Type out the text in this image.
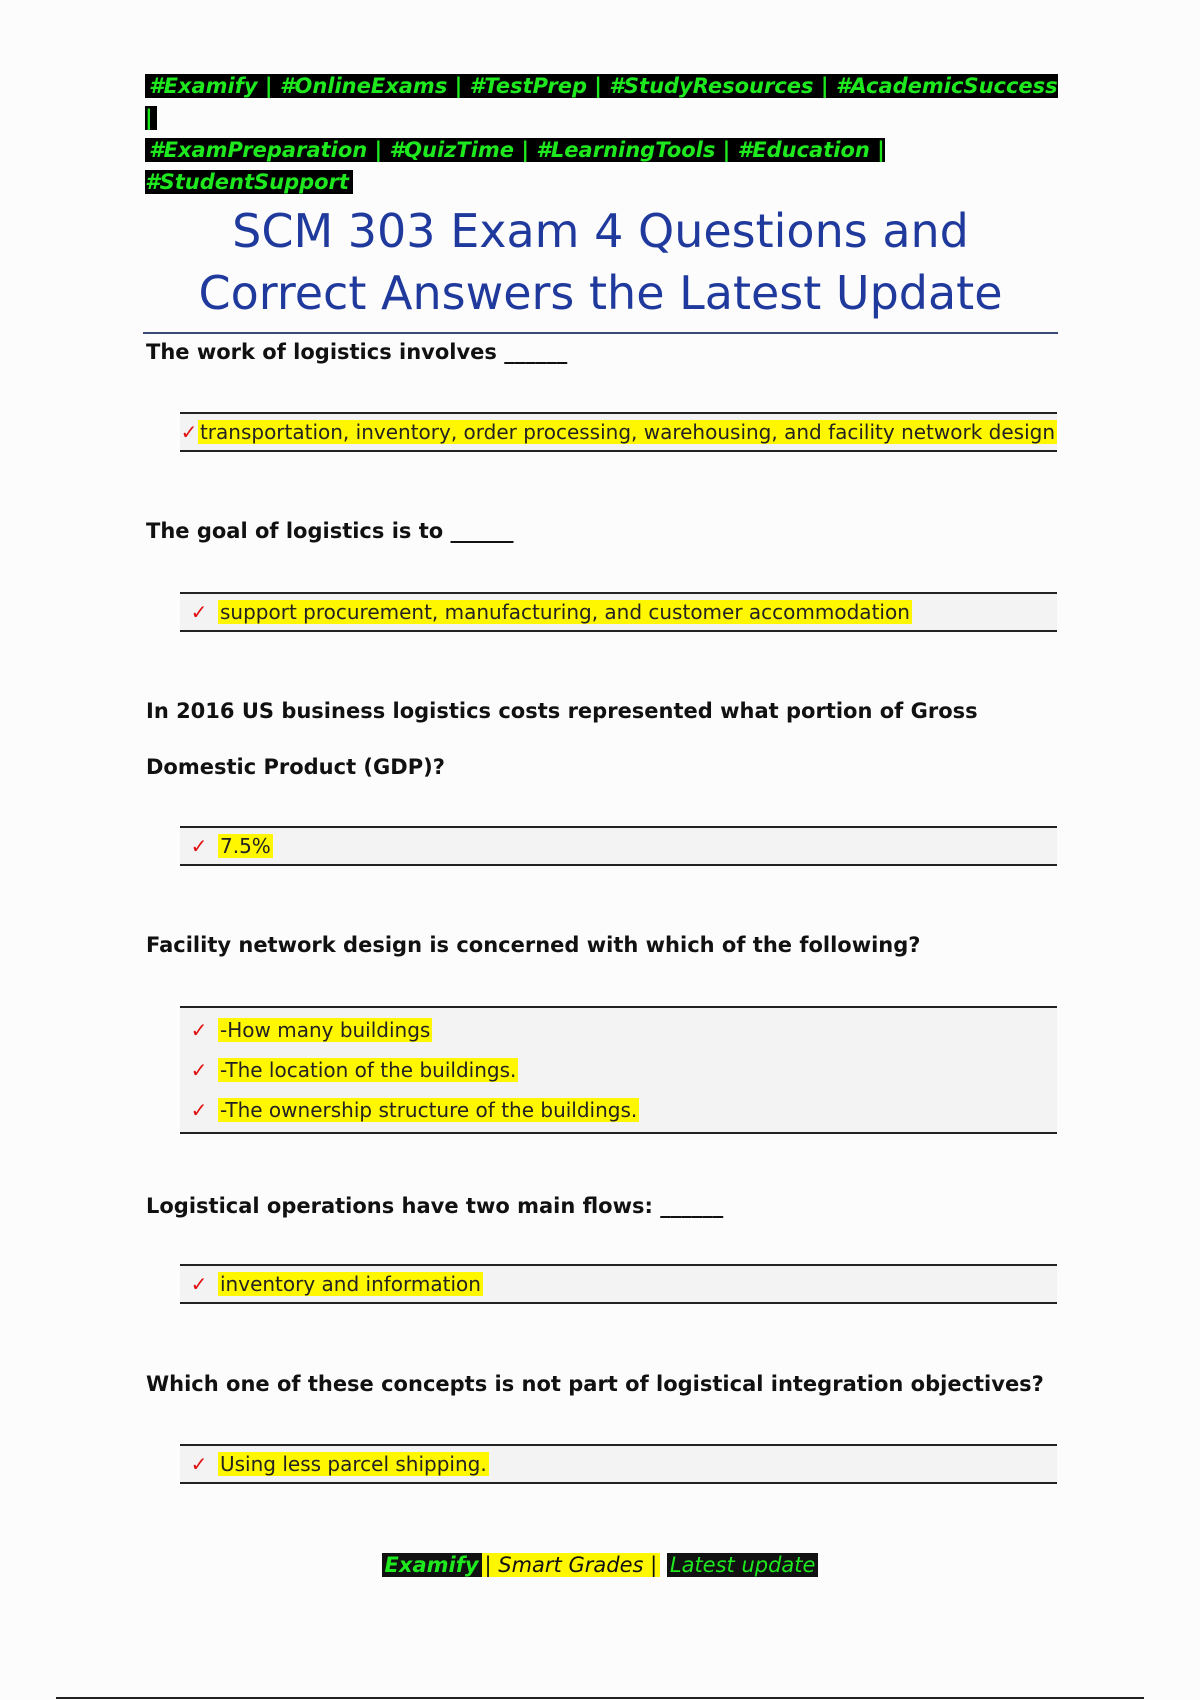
#Examify | #OnlineExams | #TestPrep | #StudyResources | #AcademicSuccess |
#ExamPreparation | #QuizTime | #LearningTools | #Education | #StudentSupport
SCM 303 Exam 4 Questions and Correct Answers the Latest Update
The work of logistics involves ______
✓ transportation, inventory, order processing, warehousing, and facility network design
The goal of logistics is to ______
✓ support procurement, manufacturing, and customer accommodation
In 2016 US business logistics costs represented what portion of Gross Domestic Product (GDP)?
✓ 7.5%
Facility network design is concerned with which of the following?
✓ -How many buildings
✓ -The location of the buildings.
✓ -The ownership structure of the buildings.
Logistical operations have two main flows: ______
✓ inventory and information
Which one of these concepts is not part of logistical integration objectives?
✓ Using less parcel shipping.
Examify | Smart Grades | Latest update
